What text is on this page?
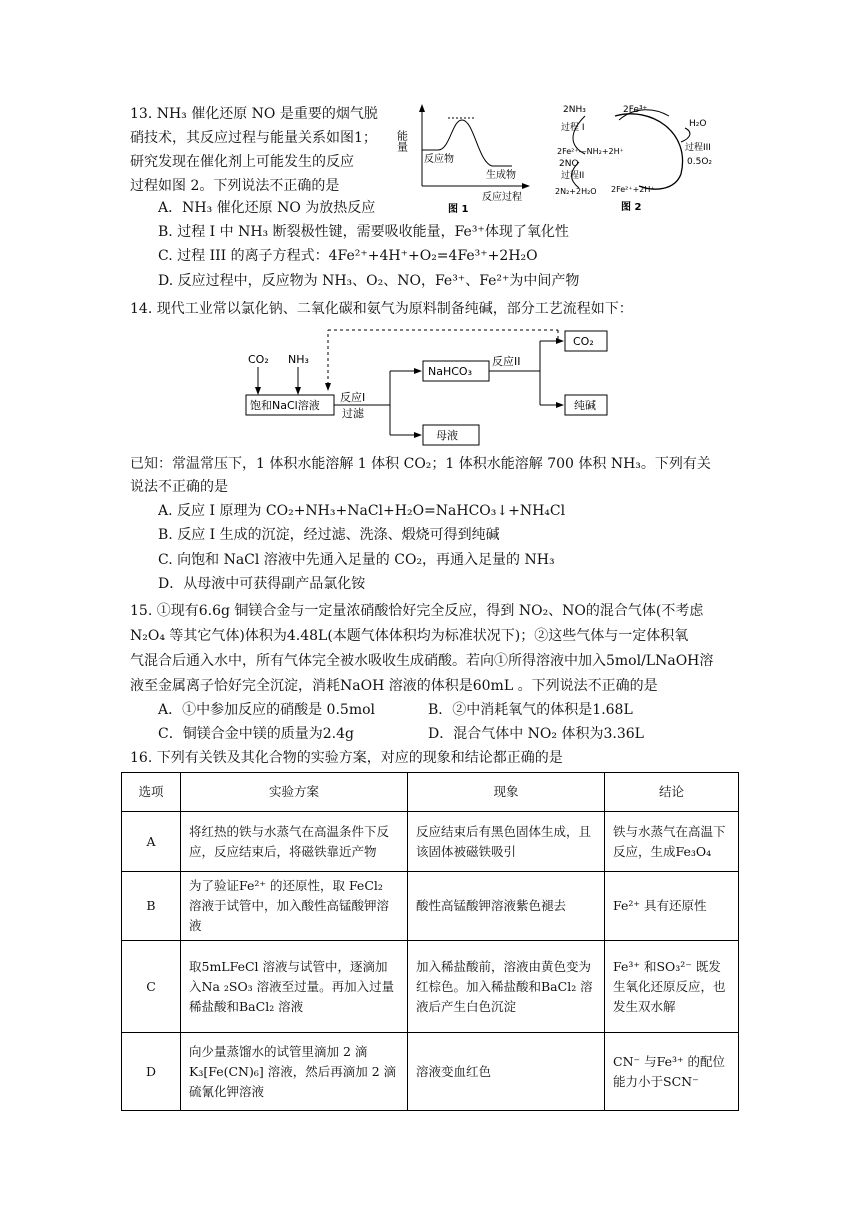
13. NH₃ 催化还原 NO 是重要的烟气脱
硝技术，其反应过程与能量关系如图1；
研究发现在催化剂上可能发生的反应
过程如图 2。下列说法不正确的是
A．NH₃ 催化还原 NO 为放热反应
B. 过程 I 中 NH₃ 断裂极性键，需要吸收能量，Fe³⁺体现了氧化性
C. 过程 III 的离子方程式：4Fe²⁺+4H⁺+O₂=4Fe³⁺+2H₂O
D. 反应过程中，反应物为 NH₃、O₂、NO，Fe³⁺、Fe²⁺为中间产物
能量
反应物
生成物
反应过程
图 1
2NH₃	2Fe³⁺
过程 I	H₂O
2Fe²⁺—NH₂+2H⁺	过程III
2NO	0.5O₂
过程II
2N₂+2H₂O 2Fe²⁺+2H⁺
图 2
14. 现代工业常以氯化钠、二氧化碳和氨气为原料制备纯碱，部分工艺流程如下：
CO₂ NH₃
饱和NaCl溶液
反应I
过滤
NaHCO₃
母液
反应II
CO₂
纯碱
已知：常温常压下，1 体积水能溶解 1 体积 CO₂；1 体积水能溶解 700 体积 NH₃。下列有关
说法不正确的是
A. 反应 I 原理为 CO₂+NH₃+NaCl+H₂O=NaHCO₃↓+NH₄Cl
B. 反应 I 生成的沉淀，经过滤、洗涤、煅烧可得到纯碱
C. 向饱和 NaCl 溶液中先通入足量的 CO₂，再通入足量的 NH₃
D．从母液中可获得副产品氯化铵
15. ①现有6.6g 铜镁合金与一定量浓硝酸恰好完全反应，得到 NO₂、NO的混合气体(不考虑
N₂O₄ 等其它气体)体积为4.48L(本题气体体积均为标准状况下)；②这些气体与一定体积氧
气混合后通入水中，所有气体完全被水吸收生成硝酸。若向①所得溶液中加入5mol/LNaOH溶
液至金属离子恰好完全沉淀，消耗NaOH 溶液的体积是60mL 。下列说法不正确的是
A．①中参加反应的硝酸是 0.5mol	B．②中消耗氧气的体积是1.68L
C．铜镁合金中镁的质量为2.4g	D．混合气体中 NO₂ 体积为3.36L
16. 下列有关铁及其化合物的实验方案，对应的现象和结论都正确的是
选项	实验方案	现象	结论
A	将红热的铁与水蒸气在高温条件下反应，反应结束后，将磁铁靠近产物	反应结束后有黑色固体生成，且该固体被磁铁吸引	铁与水蒸气在高温下反应，生成Fe₃O₄
B	为了验证Fe²⁺ 的还原性，取 FeCl₂ 溶液于试管中，加入酸性高锰酸钾溶液	酸性高锰酸钾溶液紫色褪去	Fe²⁺ 具有还原性
C	取5mLFeCl 溶液与试管中，逐滴加入Na ₂SO₃ 溶液至过量。再加入过量稀盐酸和BaCl₂ 溶液	加入稀盐酸前，溶液由黄色变为红棕色。加入稀盐酸和BaCl₂ 溶液后产生白色沉淀	Fe³⁺ 和SO₃²⁻ 既发生氧化还原反应，也发生双水解
D	向少量蒸馏水的试管里滴加 2 滴 K₃[Fe(CN)₆] 溶液，然后再滴加 2 滴硫氰化钾溶液	溶液变血红色	CN⁻ 与Fe³⁺ 的配位能力小于SCN⁻
